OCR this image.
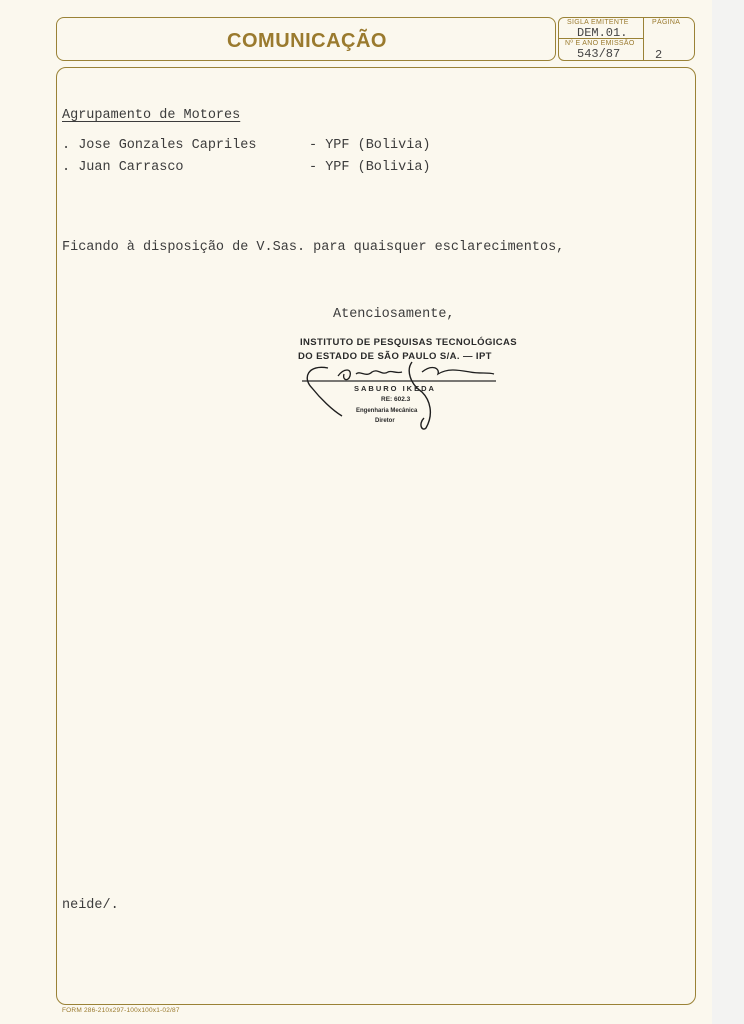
COMUNICAÇÃO
SIGLA EMITENTE
DEM.01.
Nº E ANO EMISSÃO
543/87
PÁGINA
2
Agrupamento de Motores
. Jose Gonzales Capriles	- YPF (Bolivia)
. Juan Carrasco	- YPF (Bolivia)
Ficando à disposição de V.Sas. para quaisquer esclarecimentos,
Atenciosamente,
INSTITUTO DE PESQUISAS TECNOLÓGICAS
DO ESTADO DE SÃO PAULO S/A. — IPT
SABURO IKEDA
RE: 602.3
Engenharia Mecânica
Diretor
neide/.
FORM 286-210x297-100x100x1-02/87
